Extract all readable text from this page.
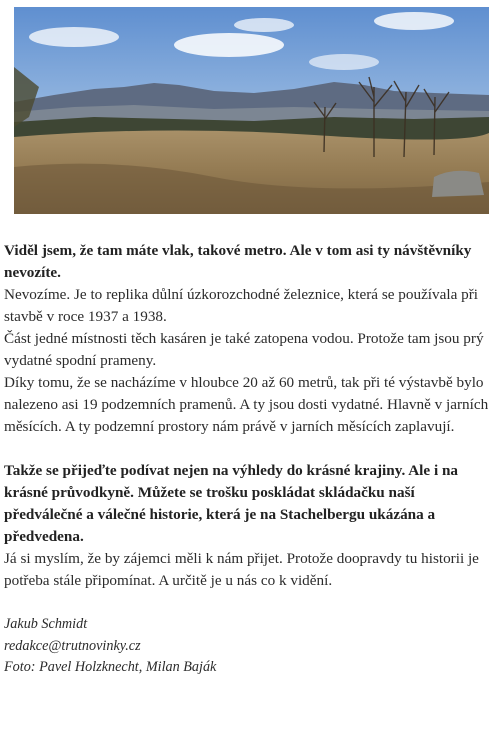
Viděl jsem, že tam máte vlak, takové metro. Ale v tom asi ty návštěvníky nevozíte.

Nevozíme. Je to replika důlní úzkorozchodné železnice, která se používala při stavbě v roce 1937 a 1938.

Část jedné místnosti těch kasáren je také zatopena vodou. Protože tam jsou prý vydatné spodní prameny.

Díky tomu, že se nacházíme v hloubce 20 až 60 metrů, tak při té výstavbě bylo nalezeno asi 19 podzemních pramenů. A ty jsou dosti vydatné. Hlavně v jarních měsících. A ty podzemní prostory nám právě v jarních měsících zaplavují.

Takže se přijeďte podívat nejen na výhledy do krásné krajiny. Ale i na krásné průvodkyně. Můžete se trošku poskládat skládačku naší předválečné a válečné historie, která je na Stachelbergu ukázána a předvedena.

Já si myslím, že by zájemci měli k nám přijet. Protože doopravdy tu historii je potřeba stále připomínat. A určitě je u nás co k vidění.

Jakub Schmidt
redakce@trutnovinky.cz
Foto: Pavel Holzknecht, Milan Baják
